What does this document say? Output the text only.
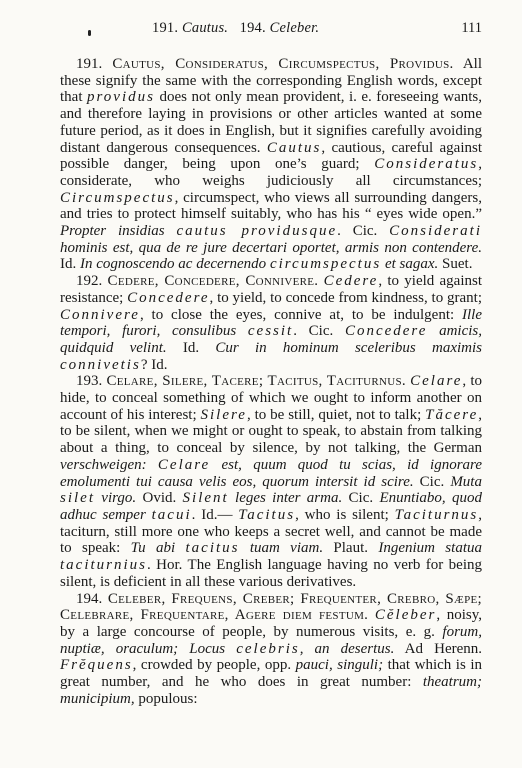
191. Cautus. 194. Celeber.	111

191. Cautus, Consideratus, Circumspectus, Providus. All these signify the same with the corresponding English words, except that providus does not only mean provident, i. e. foreseeing wants, and therefore laying in provisions or other articles wanted at some future period, as it does in English, but it signifies carefully avoiding distant dangerous consequences. Cautus, cautious, careful against possible danger, being upon one’s guard; Consideratus, considerate, who weighs judiciously all circumstances; Circumspectus, circumspect, who views all surrounding dangers, and tries to protect himself suitably, who has his “ eyes wide open.” Propter insidias cautus providusque. Cic. Considerati hominis est, qua de re jure decertari oportet, armis non contendere. Id. In cognoscendo ac decernendo circumspectus et sagax. Suet.

192. Cedere, Concedere, Connivere. Cedere, to yield against resistance; Concedere, to yield, to concede from kindness, to grant; Connivere, to close the eyes, connive at, to be indulgent: Ille tempori, furori, consulibus cessit. Cic. Concedere amicis, quidquid velint. Id. Cur in hominum sceleribus maximis connivetis? Id.

193. Celare, Silere, Tacere; Tacitus, Taciturnus. Celare, to hide, to conceal something of which we ought to inform another on account of his interest; Silere, to be still, quiet, not to talk; Tăcere, to be silent, when we might or ought to speak, to abstain from talking about a thing, to conceal by silence, by not talking, the German verschweigen: Celare est, quum quod tu scias, id ignorare emolumenti tui causa velis eos, quorum intersit id scire. Cic. Muta silet virgo. Ovid. Silent leges inter arma. Cic. Enuntiabo, quod adhuc semper tacui. Id.— Tacitus, who is silent; Taciturnus, taciturn, still more one who keeps a secret well, and cannot be made to speak: Tu abi tacitus tuam viam. Plaut. Ingenium statua taciturnius. Hor. The English language having no verb for being silent, is deficient in all these various derivatives.

194. Celeber, Frequens, Creber; Frequenter, Crebro, Sæpe; Celebrare, Frequentare, Agere diem festum. Cĕleber, noisy, by a large concourse of people, by numerous visits, e. g. forum, nuptiæ, oraculum; Locus celebris, an desertus. Ad Herenn. Frĕquens, crowded by people, opp. pauci, singuli; that which is in great number, and he who does in great number: theatrum; municipium, populous:
